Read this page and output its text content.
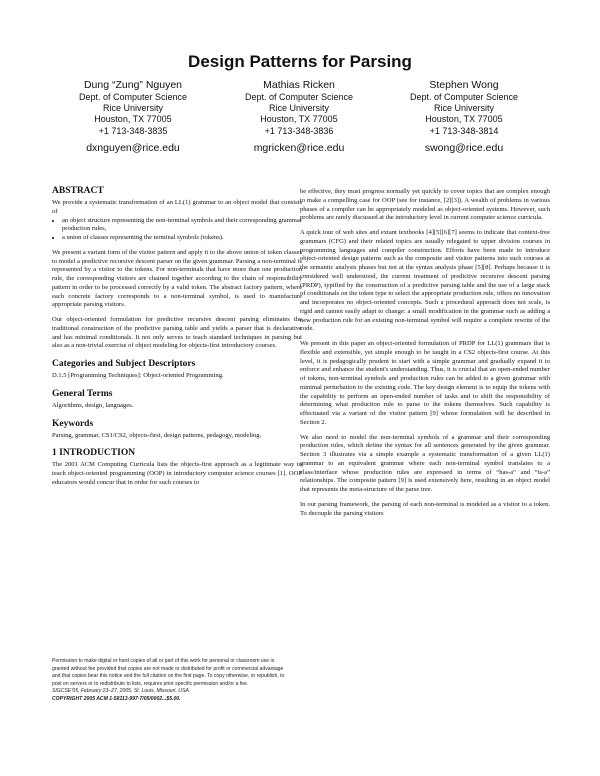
Design Patterns for Parsing
Dung “Zung” Nguyen
Dept. of Computer Science
Rice University
Houston, TX 77005
+1 713-348-3835
dxnguyen@rice.edu
Mathias Ricken
Dept. of Computer Science
Rice University
Houston, TX 77005
+1 713-348-3836
mgricken@rice.edu
Stephen Wong
Dept. of Computer Science
Rice University
Houston, TX 77005
+1 713-348-3814
swong@rice.edu
ABSTRACT

We provide a systematic transformation of an LL(1) grammar to an object model that consists of

• an object structure representing the non-terminal symbols and their corresponding grammar production rules,
• a union of classes representing the terminal symbols (tokens).

We present a variant form of the visitor pattern and apply it to the above union of token classes to model a predictive recursive descent parser on the given grammar. Parsing a non-terminal is represented by a visitor to the tokens. For non-terminals that have more than one production rule, the corresponding visitors are chained together according to the chain of responsibility pattern in order to be processed correctly by a valid token. The abstract factory pattern, where each concrete factory corresponds to a non-terminal symbol, is used to manufacture appropriate parsing visitors.

Our object-oriented formulation for predictive recursive descent parsing eliminates the traditional construction of the predictive parsing table and yields a parser that is declarative and has minimal conditionals. It not only serves to teach standard techniques in parsing but also as a non-trivial exercise of object modeling for objects-first introductory courses.

Categories and Subject Descriptors

D.1.5 [Programming Techniques]: Object-oriented Programming.

General Terms

Algorithms, design, languages.

Keywords

Parsing, grammar, CS1/CS2, objects-first, design patterns, pedagogy, modeling.

1 INTRODUCTION

The 2001 ACM Computing Curricula lists the objects-first approach as a legitimate way to teach object-oriented programming (OOP) in introductory computer science courses [1]. OOP educators would concur that in order for such courses to

Permission to make digital or hard copies of all or part of this work for personal or classroom use is granted without fee provided that copies are not made or distributed for profit or commercial advantage and that copies bear this notice and the full citation on the first page. To copy otherwise, or republish, to post on servers or to redistribute to lists, requires prior specific permission and/or a fee.
SIGCSE’05, February 23–27, 2005, St. Louis, Missouri, USA.
COPYRIGHT 2005 ACM 1-58113-997-7/05/0002...$5.00.

be effective, they must progress normally yet quickly to cover topics that are complex enough to make a compelling case for OOP (see for instance, [2][3]). A wealth of problems in various phases of a compiler can be appropriately modeled as object-oriented systems. However, such problems are rarely discussed at the introductory level in current computer science curricula.

A quick tour of web sites and extant textbooks [4][5][6][7] seems to indicate that context-free grammars (CFG) and their related topics are usually relegated to upper division courses in programming languages and compiler construction. Efforts have been made to introduce object-oriented design patterns such as the composite and visitor patterns into such courses at the semantic analysis phases but not at the syntax analysis phase [5][8]. Perhaps because it is considered well understood, the current treatment of predictive recursive descent parsing (PRDP), typified by the construction of a predictive parsing table and the use of a large stack of conditionals on the token type to select the appropriate production rule, offers no innovation and incorporates no object-oriented concepts. Such a procedural approach does not scale, is rigid and cannot easily adapt to change: a small modification in the grammar such as adding a new production rule for an existing non-terminal symbol will require a complete rewrite of the code.

We present in this paper an object-oriented formulation of PRDP for LL(1) grammars that is flexible and extensible, yet simple enough to be taught in a CS2 objects-first course. At this level, it is pedagogically prudent to start with a simple grammar and gradually expand it to enforce and enhance the student's understanding. Thus, it is crucial that an open-ended number of tokens, non-terminal symbols and production rules can be added to a given grammar with minimal perturbation to the existing code. The key design element is to equip the tokens with the capability to perform an open-ended number of tasks and to shift the responsibility of determining what production rule to parse to the tokens themselves. Such capability is effectuated via a variant of the visitor pattern [9] whose formulation will be described in Section 2.

We also need to model the non-terminal symbols of a grammar and their corresponding production rules, which define the syntax for all sentences generated by the given grammar. Section 3 illustrates via a simple example a systematic transformation of a given LL(1) grammar to an equivalent grammar where each non-terminal symbol translates to a class/interface whose production rules are expressed in terms of “has-a” and “is-a” relationships. The composite pattern [9] is used extensively here, resulting in an object model that represents the meta-structure of the parse tree.

In our parsing framework, the parsing of each non-terminal is modeled as a visitor to a token. To decouple the parsing visitors
